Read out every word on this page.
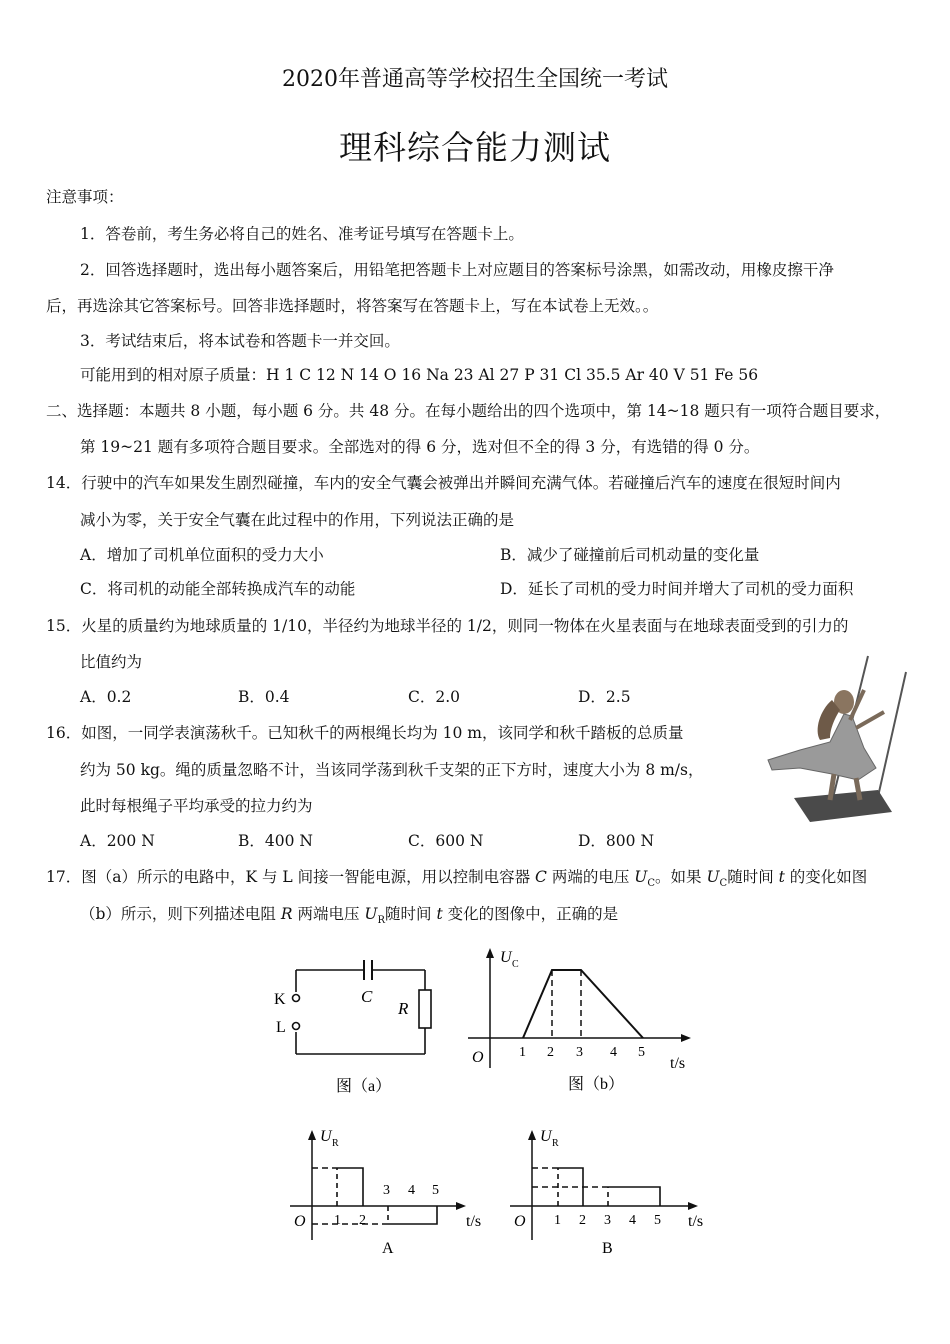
2020年普通高等学校招生全国统一考试
理科综合能力测试
注意事项：
1．答卷前，考生务必将自己的姓名、准考证号填写在答题卡上。
2．回答选择题时，选出每小题答案后，用铅笔把答题卡上对应题目的答案标号涂黑，如需改动，用橡皮擦干净
后，再选涂其它答案标号。回答非选择题时，将答案写在答题卡上，写在本试卷上无效。。
3．考试结束后，将本试卷和答题卡一并交回。
可能用到的相对原子质量：H 1 C 12 N 14 O 16 Na 23 Al 27 P 31 Cl 35.5 Ar 40 V 51 Fe 56
二、选择题：本题共 8 小题，每小题 6 分。共 48 分。在每小题给出的四个选项中，第 14~18 题只有一项符合题目要求，
第 19~21 题有多项符合题目要求。全部选对的得 6 分，选对但不全的得 3 分，有选错的得 0 分。
14．行驶中的汽车如果发生剧烈碰撞，车内的安全气囊会被弹出并瞬间充满气体。若碰撞后汽车的速度在很短时间内
减小为零，关于安全气囊在此过程中的作用，下列说法正确的是
A．增加了司机单位面积的受力大小	B．减少了碰撞前后司机动量的变化量
C．将司机的动能全部转换成汽车的动能	D．延长了司机的受力时间并增大了司机的受力面积
15．火星的质量约为地球质量的 1/10，半径约为地球半径的 1/2，则同一物体在火星表面与在地球表面受到的引力的
比值约为
A．0.2	B．0.4	C．2.0	D．2.5
16．如图，一同学表演荡秋千。已知秋千的两根绳长均为 10 m，该同学和秋千踏板的总质量
约为 50 kg。绳的质量忽略不计，当该同学荡到秋千支架的正下方时，速度大小为 8 m/s，
此时每根绳子平均承受的拉力约为
A．200 N	B．400 N	C．600 N	D．800 N
17．图（a）所示的电路中，K 与 L 间接一智能电源，用以控制电容器 C 两端的电压 $U_C$。如果 $U_C$随时间 t 的变化如图
（b）所示，则下列描述电阻 R 两端电压 $U_R$随时间 t 变化的图像中，正确的是
K
L
C
R
图（a）
U C
O	t/s
1 2 3 4 5
图（b）
U R
O	t/s
1 2
3 4 5
A
U R
O	t/s
1 2 3 4 5
B
